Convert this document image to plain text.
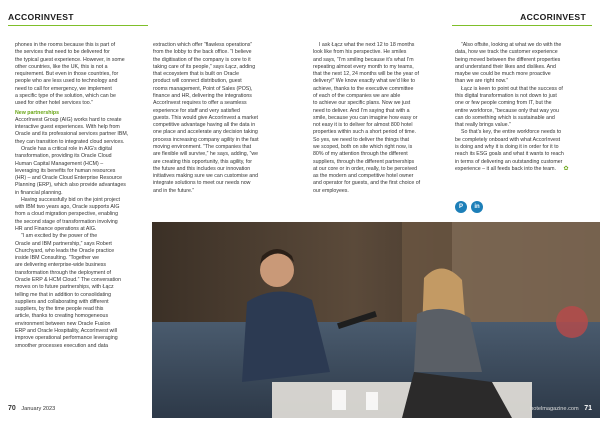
ACCORINVEST	ACCORINVEST

phones in the rooms because this is part of
the services that need to be delivered for
the typical guest experience. However, in some
other countries, like the UK, this is not a
requirement. But even in those countries, for
people who are less used to technology and
need to call for emergency, we implement
a specific type of the solution, which can be
used for other hotel services too.”

New partnerships

AccorInvest Group (AIG) works hard to create
interactive guest experiences. With help from
Oracle and its professional services partner IBM,
they can transition to integrated cloud services.

Oracle has a critical role in AIG’s digital
transformation, providing its Oracle Cloud
Human Capital Management (HCM) –
leveraging its benefits for human resources
(HR) – and Oracle Cloud Enterprise Resource
Planning (ERP), which also provide advantages
in financial planning.

Having successfully bid on the joint project
with IBM two years ago, Oracle supports AIG
from a cloud migration perspective, enabling
the second stage of transformation involving
HR and Finance operations at AIG.

“I am excited by the power of the
Oracle and IBM partnership,” says Robert
Churchyard, who leads the Oracle practice
inside IBM Consulting. “Together we
are delivering enterprise-wide business
transformation through the deployment of
Oracle ERP & HCM Cloud.” The conversation
moves on to future partnerships, with Łącz
telling me that in addition to consolidating
suppliers and collaborating with different
suppliers, by the time people read this
article, thanks to creating homogeneous
environment between new Oracle Fusion
ERP and Oracle Hospitality, AccorInvest will
improve operational performance leveraging
smoother processes execution and data

extraction which offer “flawless operations”
from the lobby to the back office. “I believe
the digitisation of the company is core to it
taking care of its people,” says Łącz, adding
that ecosystem that is built on Oracle
product will connect distribution, guest
rooms management, Point of Sales (POS),
finance and HR, delivering the integrations
AccorInvest requires to offer a seamless
experience for staff and very satisfied
guests. This would give AccorInvest a market
competitive advantage having all the data in
one place and accelerate any decision taking
process increasing company agility in the fast
moving environment. “The companies that
are flexible will survive,” he says, adding, “we
are creating this opportunity, this agility, for
the future and this includes our innovation
initiatives making sure we can customise and
integrate solutions to meet our needs now
and in the future.”

I ask Łącz what the next 12 to 18 months
look like from his perspective. He smiles
and says, “I’m smiling because it’s what I’m
repeating almost every month to my teams,
that the next 12, 24 months will be the year of
delivery!” We know exactly what we’d like to
achieve, thanks to the executive committee
of each of the companies we are able
to achieve our specific plans. Now we just
need to deliver. And I’m saying that with a
smile, because you can imagine how easy or
not easy it is to deliver for almost 800 hotel
properties within such a short period of time.
So yes, we need to deliver the things that
we scoped, both on site which right now, is
80% of my attention through the different
suppliers, through the different partnerships
at our core or in order, really, to be perceived
as the modern and competitive hotel owner
and operator for guests, and the first choice of
our employees.

“Also offsite, looking at what we do with the
data, how we track the customer experience
being moved between the different properties
and understand their likes and dislikes. And
maybe we could be much more proactive
than we are right now.”

Łącz is keen to point out that the success of
this digital transformation is not down to just
one or few people coming from IT, but the
entire workforce, “because only that way you
can do something which is sustainable and
that really brings value.”

So that’s key, the entire workforce needs to
be completely onboard with what AccorInvest
is doing and why it is doing it in order for it to
reach its ESG goals and what it wants to reach
in terms of delivering an outstanding customer
experience – it all feeds back into the team. ✿

P	in
70 January 2023	hotelmagazine.com 71
